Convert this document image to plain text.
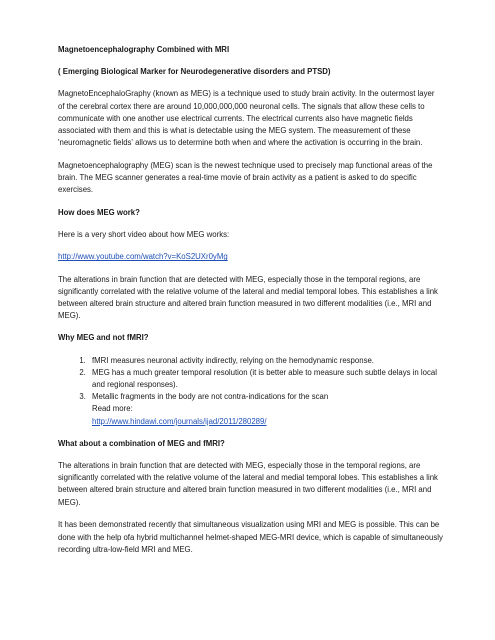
Magnetoencephalography Combined with MRI

( Emerging Biological Marker for Neurodegenerative disorders and PTSD)

MagnetoEncephaloGraphy (known as MEG) is a technique used to study brain activity. In the outermost layer of the cerebral cortex there are around 10,000,000,000 neuronal cells. The signals that allow these cells to communicate with one another use electrical currents. The electrical currents also have magnetic fields associated with them and this is what is detectable using the MEG system. The measurement of these 'neuromagnetic fields' allows us to determine both when and where the activation is occurring in the brain.

Magnetoencephalography (MEG) scan is the newest technique used to precisely map functional areas of the brain. The MEG scanner generates a real-time movie of brain activity as a patient is asked to do specific exercises.

How does MEG work?

Here is a very short video about how MEG works:

http://www.youtube.com/watch?v=KoS2UXr0yMg

The alterations in brain function that are detected with MEG, especially those in the temporal regions, are significantly correlated with the relative volume of the lateral and medial temporal lobes. This establishes a link between altered brain structure and altered brain function measured in two different modalities (i.e., MRI and MEG).

Why MEG and not fMRI?

1. fMRI measures neuronal activity indirectly, relying on the hemodynamic response.
2. MEG has a much greater temporal resolution (it is better able to measure such subtle delays in local and regional responses).
3. Metallic fragments in the body are not contra-indications for the scan
Read more:
http://www.hindawi.com/journals/ijad/2011/280289/

What about a combination of MEG and fMRI?

The alterations in brain function that are detected with MEG, especially those in the temporal regions, are significantly correlated with the relative volume of the lateral and medial temporal lobes. This establishes a link between altered brain structure and altered brain function measured in two different modalities (i.e., MRI and MEG).

It has been demonstrated recently that simultaneous visualization using MRI and MEG is possible. This can be done with the help ofa hybrid multichannel helmet-shaped MEG-MRI device, which is capable of simultaneously recording ultra-low-field MRI and MEG.
